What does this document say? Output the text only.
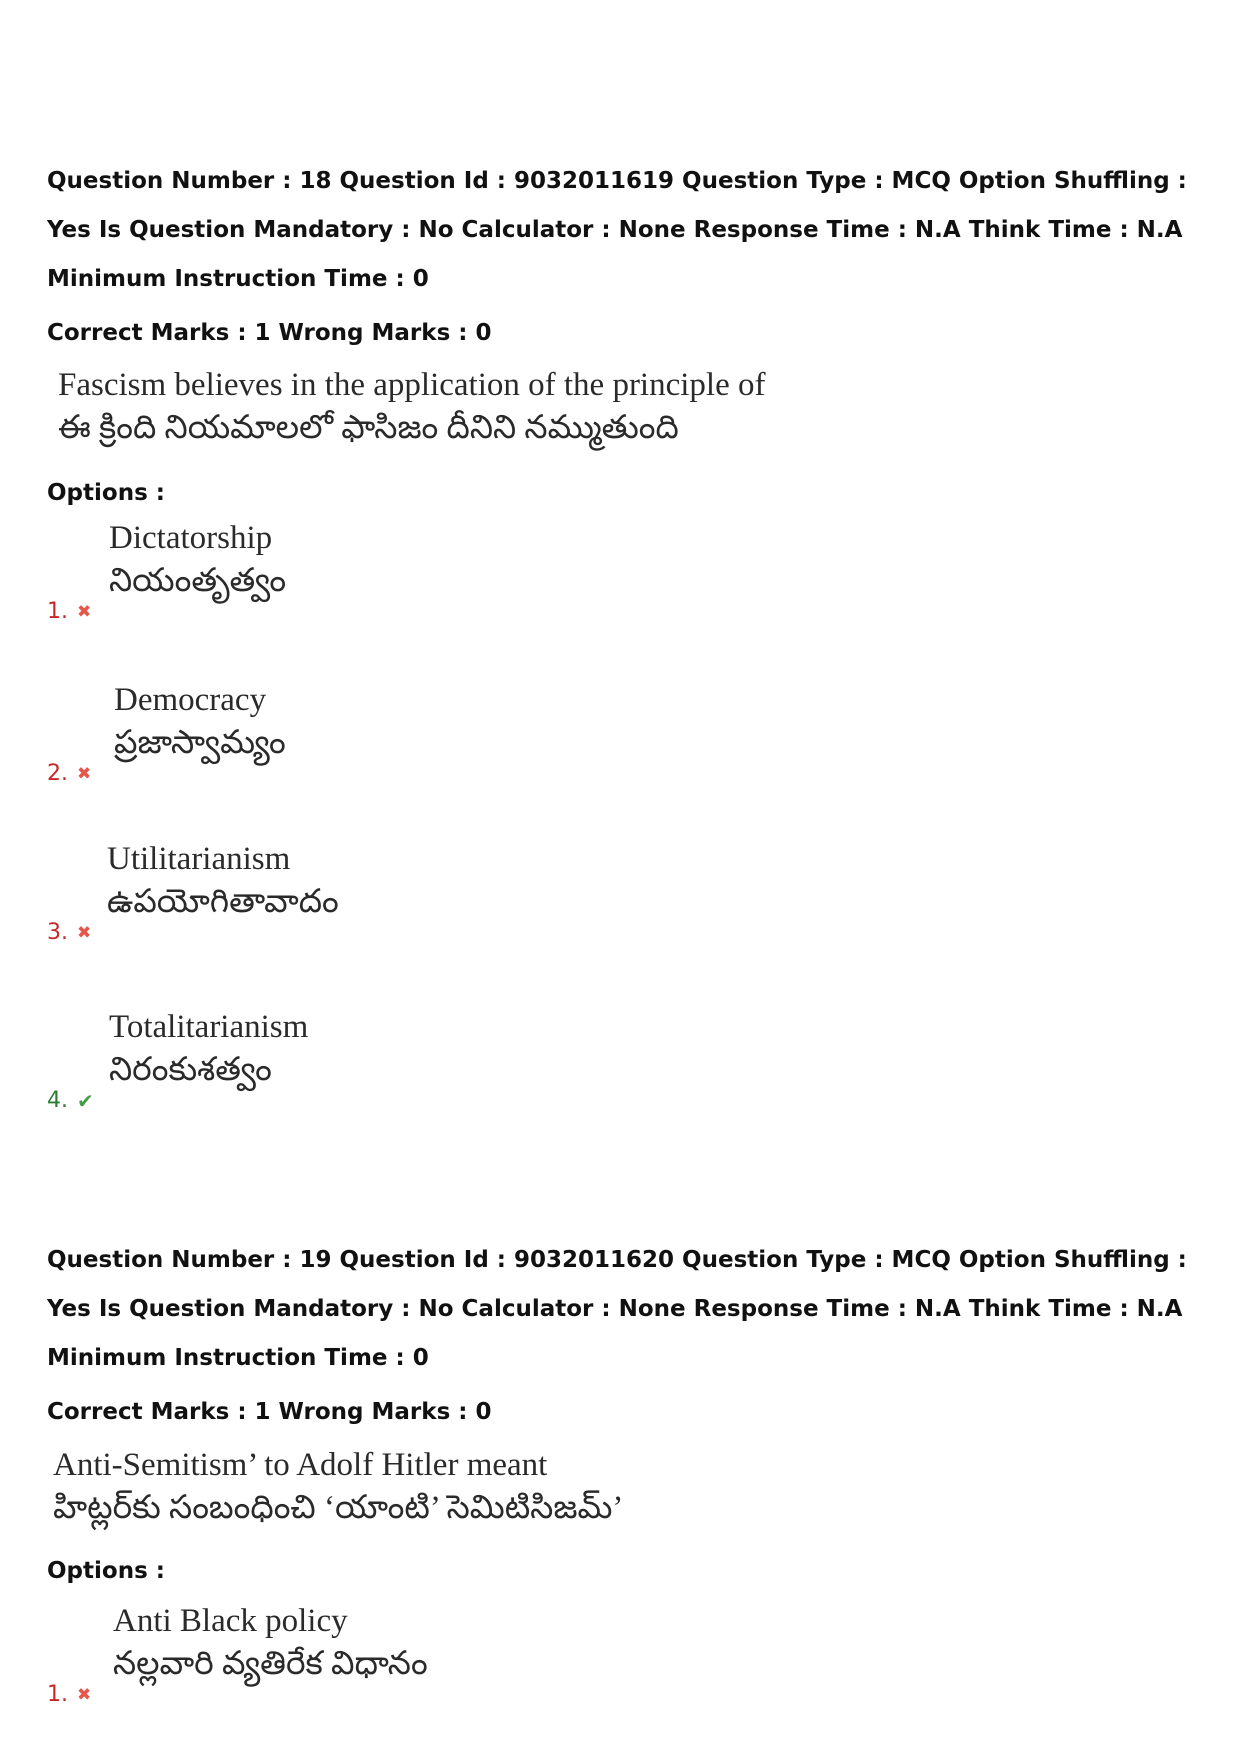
Question Number : 18 Question Id : 9032011619 Question Type : MCQ Option Shuffling : Yes Is Question Mandatory : No Calculator : None Response Time : N.A Think Time : N.A Minimum Instruction Time : 0
Correct Marks : 1 Wrong Marks : 0
Fascism believes in the application of the principle of
ఈ క్రింది నియమాలలో ఫాసిజం దీనిని నమ్ముతుంది
Options :
Dictatorship
నియంతృత్వం
1. ✖
Democracy
ప్రజాస్వామ్యం
2. ✖
Utilitarianism
ఉపయోగితావాదం
3. ✖
Totalitarianism
నిరంకుశత్వం
4. ✔
Question Number : 19 Question Id : 9032011620 Question Type : MCQ Option Shuffling : Yes Is Question Mandatory : No Calculator : None Response Time : N.A Think Time : N.A Minimum Instruction Time : 0
Correct Marks : 1 Wrong Marks : 0
Anti-Semitism’ to Adolf Hitler meant
హిట్లర్‌కు సంబంధించి ‘యాంటి’ సెమిటిసిజమ్’
Options :
Anti Black policy
నల్లవారి వ్యతిరేక విధానం
1. ✖
